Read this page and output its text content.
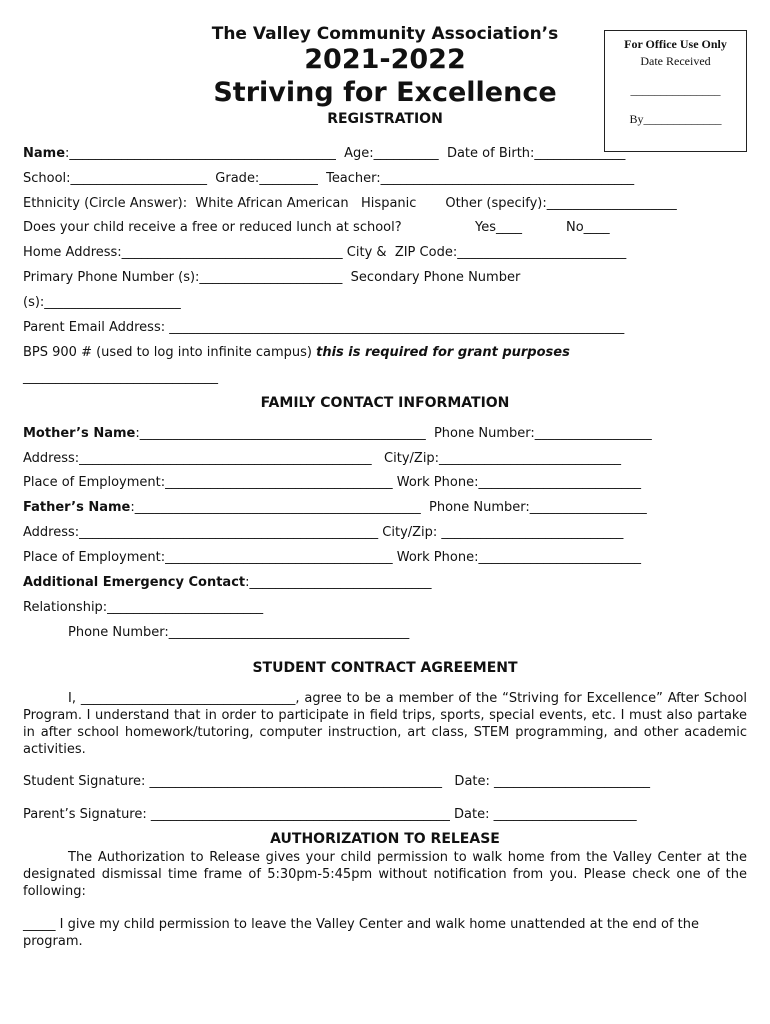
The Valley Community Association’s
2021-2022
Striving for Excellence
REGISTRATION
For Office Use Only
Date Received
_______________
By_____________
Name:_________________________________________  Age:__________  Date of Birth:______________
School:_____________________  Grade:_________  Teacher:_______________________________________
Ethnicity (Circle Answer):  White African American   Hispanic       Other (specify):____________________
Does your child receive a free or reduced lunch at school?	Yes____	No____
Home Address:__________________________________ City &  ZIP Code:__________________________
Primary Phone Number (s):______________________  Secondary Phone Number
(s):_____________________
Parent Email Address: ______________________________________________________________________
BPS 900 # (used to log into infinite campus) this is required for grant purposes
______________________________
FAMILY CONTACT INFORMATION
Mother’s Name:____________________________________________  Phone Number:__________________
Address:_____________________________________________   City/Zip:____________________________
Place of Employment:___________________________________ Work Phone:_________________________
Father’s Name:____________________________________________  Phone Number:__________________
Address:______________________________________________ City/Zip: ____________________________
Place of Employment:___________________________________ Work Phone:_________________________
Additional Emergency Contact:____________________________
Relationship:________________________
Phone Number:_____________________________________
STUDENT CONTRACT AGREEMENT
I, _________________________________, agree to be a member of the “Striving for Excellence” After School Program. I understand that in order to participate in field trips, sports, special events, etc. I must also partake in after school homework/tutoring, computer instruction, art class, STEM programming, and other academic activities.
Student Signature: _____________________________________________   Date: ________________________
Parent’s Signature: ______________________________________________ Date: ______________________
AUTHORIZATION TO RELEASE
The Authorization to Release gives your child permission to walk home from the Valley Center at the designated dismissal time frame of 5:30pm-5:45pm without notification from you. Please check one of the following:
_____ I give my child permission to leave the Valley Center and walk home unattended at the end of the program.
